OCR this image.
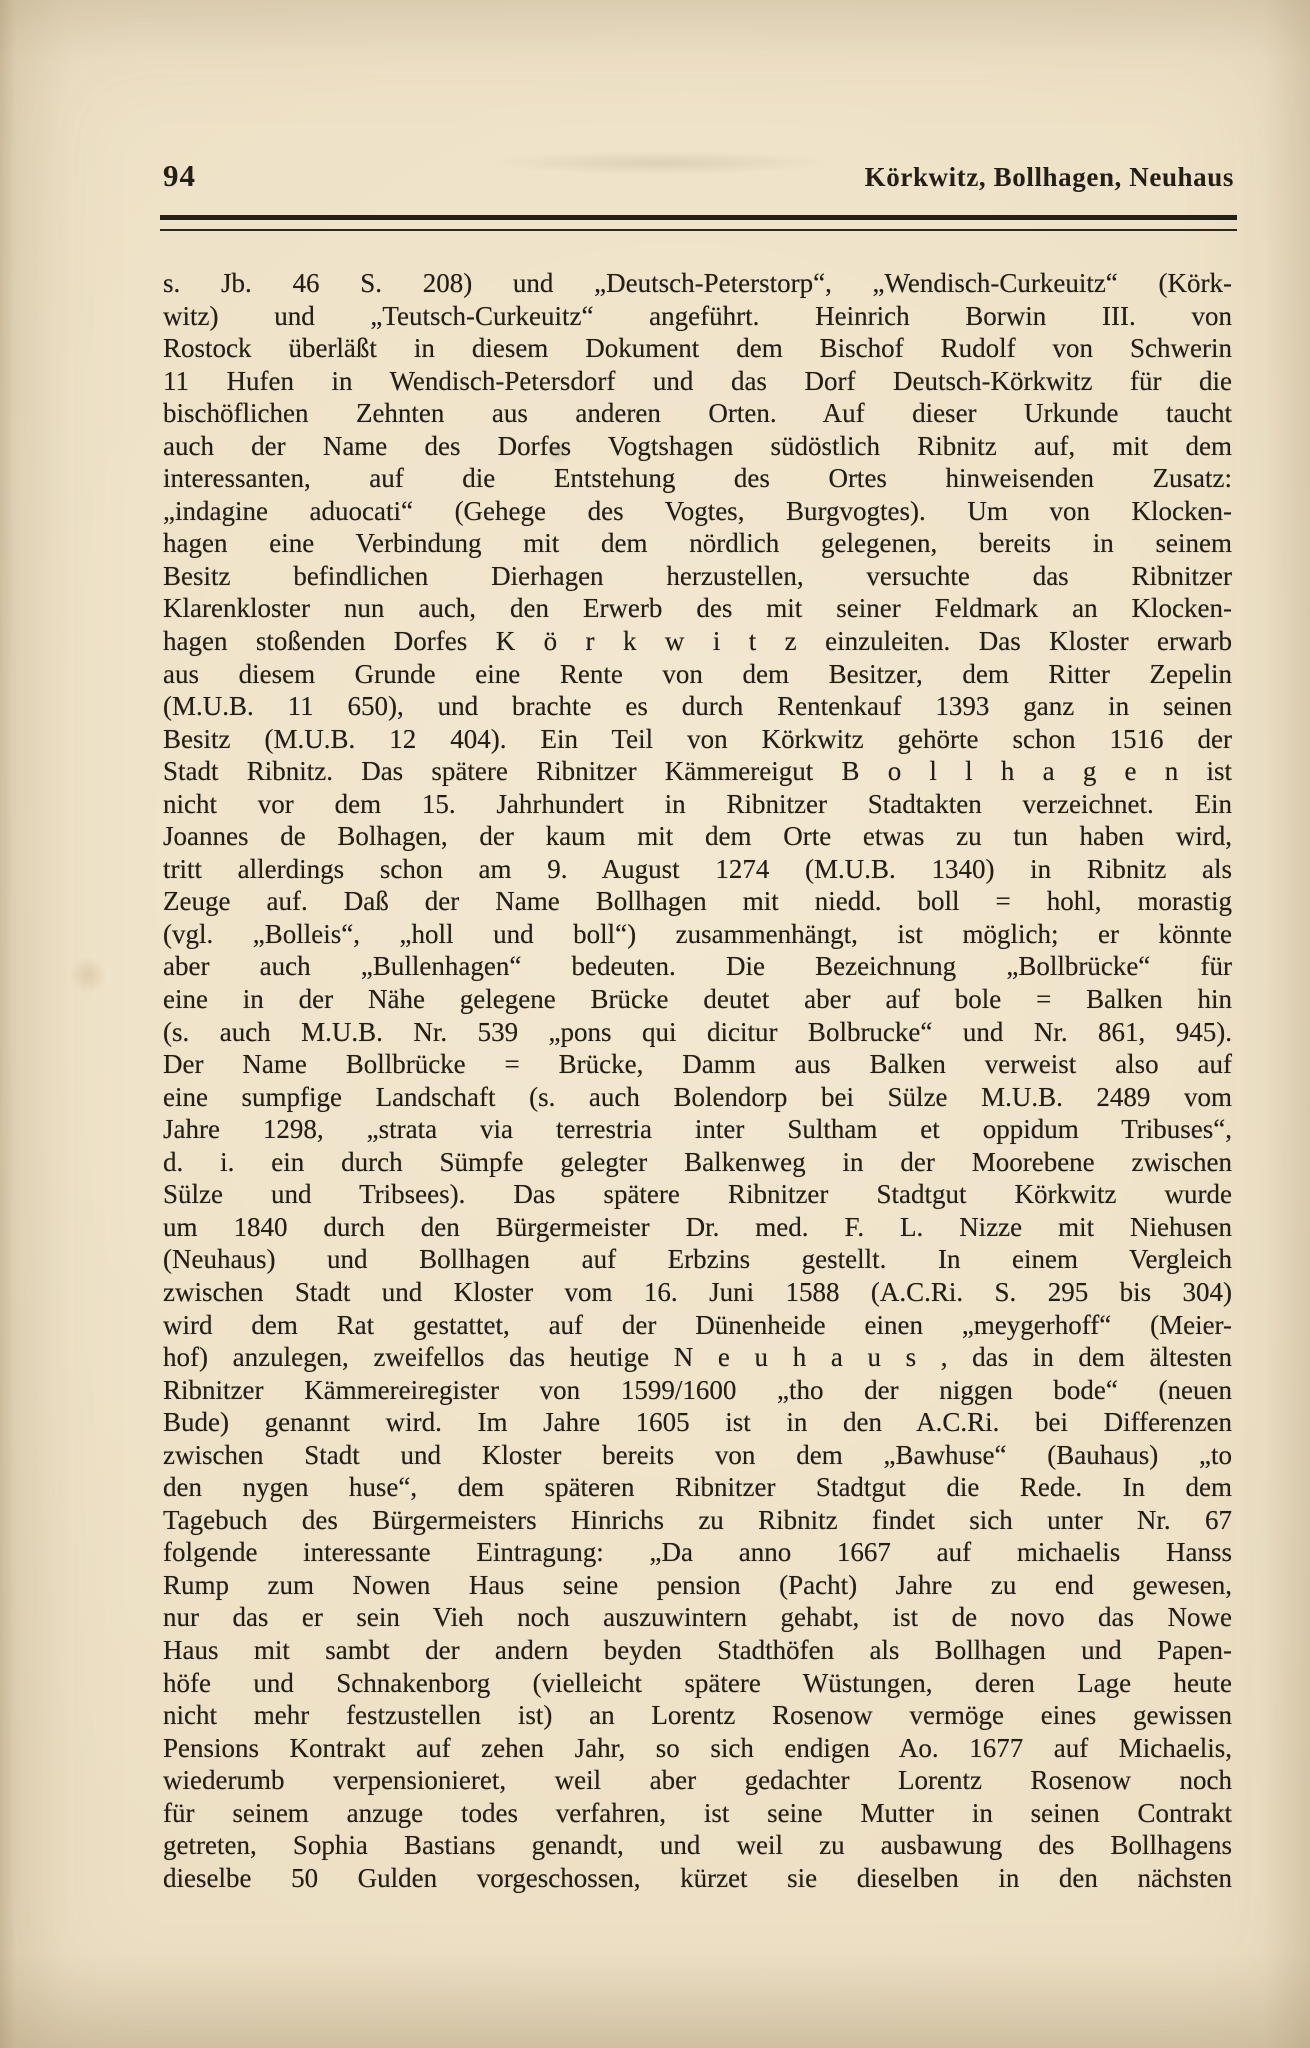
94	Körkwitz, Bollhagen, Neuhaus
s. Jb. 46 S. 208) und „Deutsch-Peterstorp“, „Wendisch-Curkeuitz“ (Körk-
witz) und „Teutsch-Curkeuitz“ angeführt. Heinrich Borwin III. von
Rostock überläßt in diesem Dokument dem Bischof Rudolf von Schwerin
11 Hufen in Wendisch-Petersdorf und das Dorf Deutsch-Körkwitz für die
bischöflichen Zehnten aus anderen Orten. Auf dieser Urkunde taucht
auch der Name des Dorfes Vogtshagen südöstlich Ribnitz auf, mit dem
interessanten, auf die Entstehung des Ortes hinweisenden Zusatz:
„indagine aduocati“ (Gehege des Vogtes, Burgvogtes). Um von Klocken-
hagen eine Verbindung mit dem nördlich gelegenen, bereits in seinem
Besitz befindlichen Dierhagen herzustellen, versuchte das Ribnitzer
Klarenkloster nun auch, den Erwerb des mit seiner Feldmark an Klocken-
hagen stoßenden Dorfes K ö r k w i t z einzuleiten. Das Kloster erwarb
aus diesem Grunde eine Rente von dem Besitzer, dem Ritter Zepelin
(M.U.B. 11 650), und brachte es durch Rentenkauf 1393 ganz in seinen
Besitz (M.U.B. 12 404). Ein Teil von Körkwitz gehörte schon 1516 der
Stadt Ribnitz. Das spätere Ribnitzer Kämmereigut B o l l h a g e n ist
nicht vor dem 15. Jahrhundert in Ribnitzer Stadtakten verzeichnet. Ein
Joannes de Bolhagen, der kaum mit dem Orte etwas zu tun haben wird,
tritt allerdings schon am 9. August 1274 (M.U.B. 1340) in Ribnitz als
Zeuge auf. Daß der Name Bollhagen mit niedd. boll = hohl, morastig
(vgl. „Bolleis“, „holl und boll“) zusammenhängt, ist möglich; er könnte
aber auch „Bullenhagen“ bedeuten. Die Bezeichnung „Bollbrücke“ für
eine in der Nähe gelegene Brücke deutet aber auf bole = Balken hin
(s. auch M.U.B. Nr. 539 „pons qui dicitur Bolbrucke“ und Nr. 861, 945).
Der Name Bollbrücke = Brücke, Damm aus Balken verweist also auf
eine sumpfige Landschaft (s. auch Bolendorp bei Sülze M.U.B. 2489 vom
Jahre 1298, „strata via terrestria inter Sultham et oppidum Tribuses“,
d. i. ein durch Sümpfe gelegter Balkenweg in der Moorebene zwischen
Sülze und Tribsees). Das spätere Ribnitzer Stadtgut Körkwitz wurde
um 1840 durch den Bürgermeister Dr. med. F. L. Nizze mit Niehusen
(Neuhaus) und Bollhagen auf Erbzins gestellt. In einem Vergleich
zwischen Stadt und Kloster vom 16. Juni 1588 (A.C.Ri. S. 295 bis 304)
wird dem Rat gestattet, auf der Dünenheide einen „meygerhoff“ (Meier-
hof) anzulegen, zweifellos das heutige N e u h a u s , das in dem ältesten
Ribnitzer Kämmereiregister von 1599/1600 „tho der niggen bode“ (neuen
Bude) genannt wird. Im Jahre 1605 ist in den A.C.Ri. bei Differenzen
zwischen Stadt und Kloster bereits von dem „Bawhuse“ (Bauhaus) „to
den nygen huse“, dem späteren Ribnitzer Stadtgut die Rede. In dem
Tagebuch des Bürgermeisters Hinrichs zu Ribnitz findet sich unter Nr. 67
folgende interessante Eintragung: „Da anno 1667 auf michaelis Hanss
Rump zum Nowen Haus seine pension (Pacht) Jahre zu end gewesen,
nur das er sein Vieh noch auszuwintern gehabt, ist de novo das Nowe
Haus mit sambt der andern beyden Stadthöfen als Bollhagen und Papen-
höfe und Schnakenborg (vielleicht spätere Wüstungen, deren Lage heute
nicht mehr festzustellen ist) an Lorentz Rosenow vermöge eines gewissen
Pensions Kontrakt auf zehen Jahr, so sich endigen Ao. 1677 auf Michaelis,
wiederumb verpensionieret, weil aber gedachter Lorentz Rosenow noch
für seinem anzuge todes verfahren, ist seine Mutter in seinen Contrakt
getreten, Sophia Bastians genandt, und weil zu ausbawung des Bollhagens
dieselbe 50 Gulden vorgeschossen, kürzet sie dieselben in den nächsten
